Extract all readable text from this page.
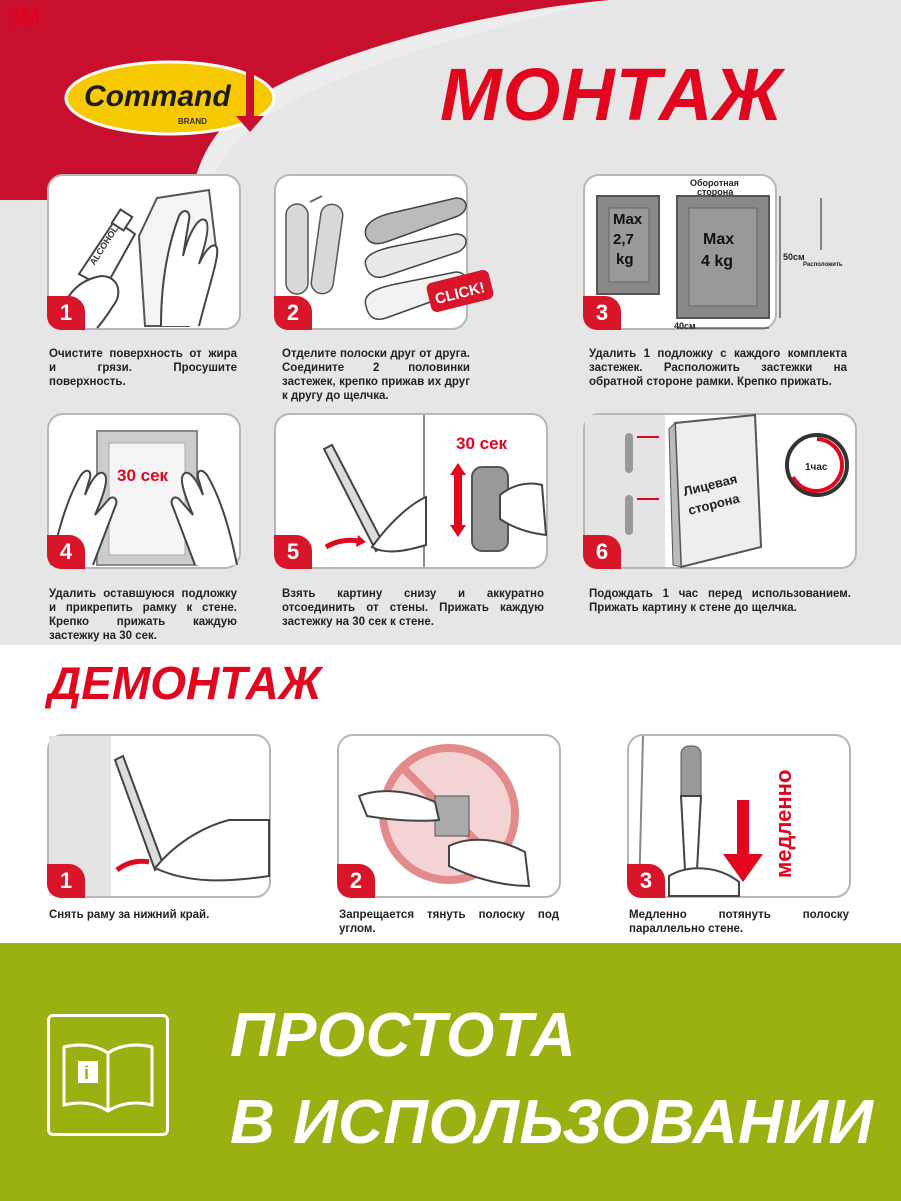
3M
Command
BRAND	МОНТАЖ
ALCOHOL
1
Очистите поверхность от жира и грязи. Просушите поверхность.
CLICK!
2
Отделите полоски друг от друга. Соедините 2 половинки застежек, крепко прижав их друг к другу до щелчка.
Max
2,7
kg
Max
4 kg
Оборотная
сторона
50см
Расположить
3
40см
Удалить 1 подложку с каждого комплекта застежек. Расположить застежки на обратной стороне рамки. Крепко прижать.
30 сек
4
Удалить оставшуюся подложку и прикрепить рамку к стене. Крепко прижать каждую застежку на 30 сек.
30 сек
5
Взять картину снизу и аккуратно отсоединить от стены. Прижать каждую застежку на 30 сек к стене.
Лицевая
сторона
1час
6
Подождать 1 час перед использованием. Прижать картину к стене до щелчка.
ДЕМОНТАЖ
1
Снять раму за нижний край.
2
Запрещается тянуть полоску под углом.
медленно
3
Медленно потянуть полоску параллельно стене.
i
ПРОСТОТА
В ИСПОЛЬЗОВАНИИ
